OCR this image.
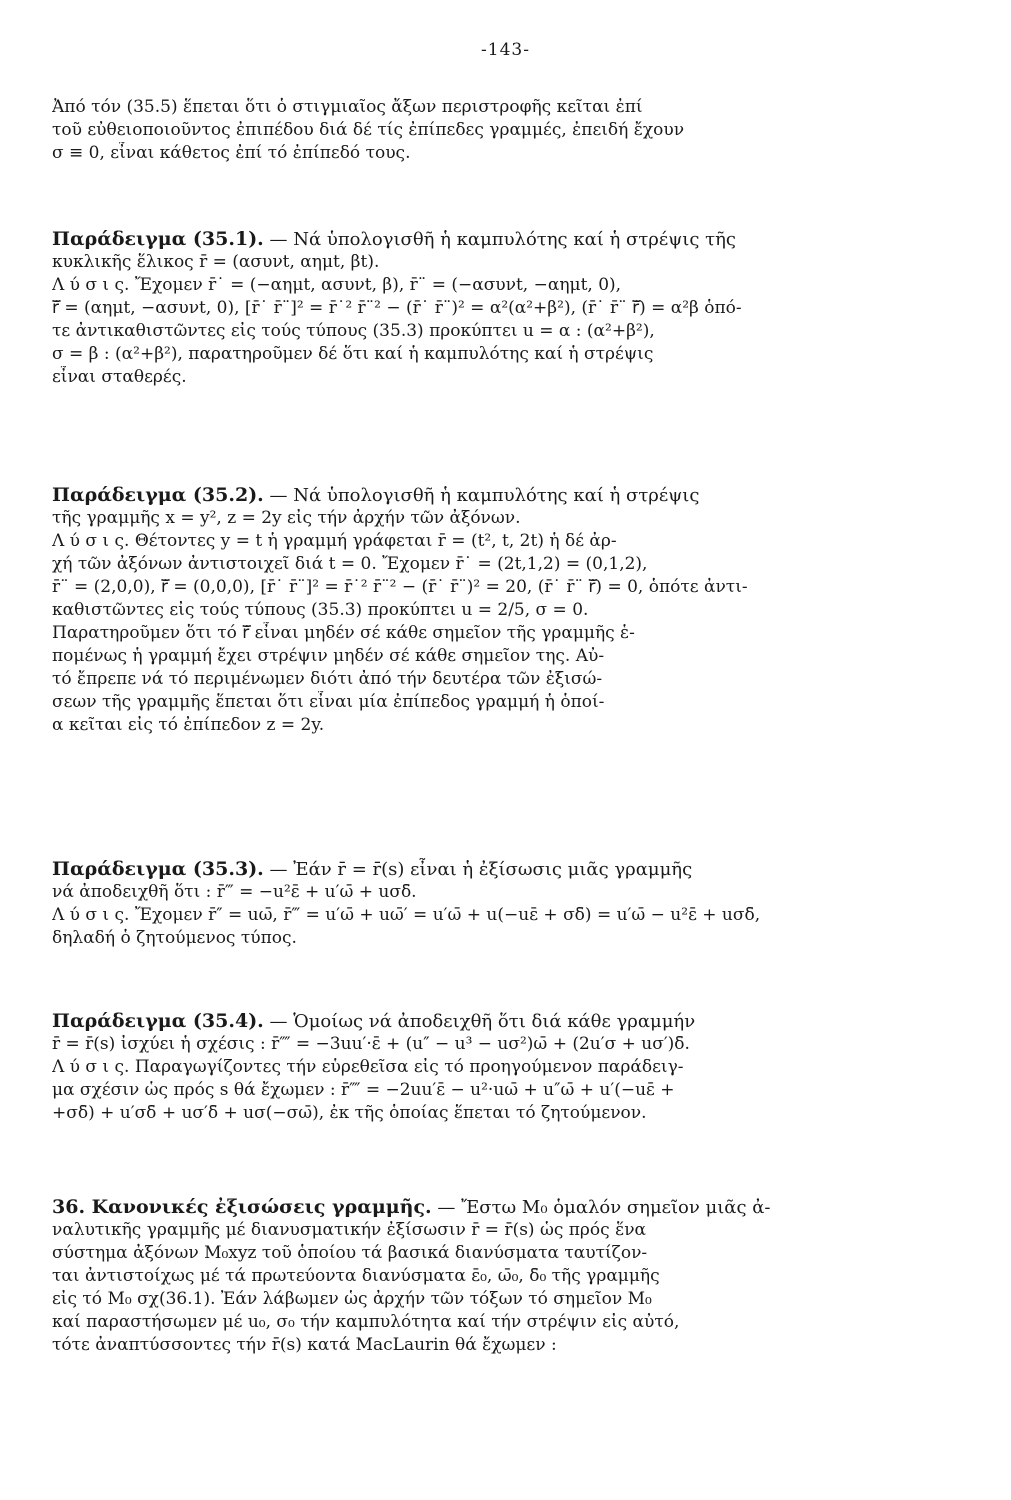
-143-
Ἀπό τόν (35.5) ἕπεται ὅτι ὁ στιγμιαῖος ἄξων περιστροφῆς κεῖται ἐπί
τοῦ εὐθειοποιοῦντος ἐπιπέδου διά δέ τίς ἐπίπεδες γραμμές, ἐπειδή ἔχουν
σ ≡ 0, εἶναι κάθετος ἐπί τό ἐπίπεδό τους.
Παράδειγμα (35.1). — Νά ὑπολογισθῆ ἡ καμπυλότης καί ἡ στρέψις τῆς
κυκλικῆς ἕλικος r̄ = (ασυνt, αημt, βt).
Λ ύ σ ι ς. Ἔχομεν r̄˙ = (−αημt, ασυνt, β), r̄¨ = (−ασυνt, −αημt, 0),
r̄⃛ = (αημt, −ασυνt, 0), [r̄˙ r̄¨]² = r̄˙² r̄¨² − (r̄˙ r̄¨)² = α²(α²+β²), (r̄˙ r̄¨ r̄⃛) = α²β ὁπό-
τε ἀντικαθιστῶντες εἰς τούς τύπους (35.3) προκύπτει u = α : (α²+β²),
σ = β : (α²+β²), παρατηροῦμεν δέ ὅτι καί ἡ καμπυλότης καί ἡ στρέψις
εἶναι σταθερές.
Παράδειγμα (35.2). — Νά ὑπολογισθῆ ἡ καμπυλότης καί ἡ στρέψις
τῆς γραμμῆς x = y², z = 2y εἰς τήν ἀρχήν τῶν ἀξόνων.
Λ ύ σ ι ς. Θέτοντες y = t ἡ γραμμή γράφεται r̄ = (t², t, 2t) ἡ δέ ἀρ-
χή τῶν ἀξόνων ἀντιστοιχεῖ διά t = 0. Ἔχομεν r̄˙ = (2t,1,2) = (0,1,2),
r̄¨ = (2,0,0), r̄⃛ = (0,0,0), [r̄˙ r̄¨]² = r̄˙² r̄¨² − (r̄˙ r̄¨)² = 20, (r̄˙ r̄¨ r̄⃛) = 0, ὁπότε ἀντι-
καθιστῶντες εἰς τούς τύπους (35.3) προκύπτει u = 2/5, σ = 0.
Παρατηροῦμεν ὅτι τό r̄⃛ εἶναι μηδέν σέ κάθε σημεῖον τῆς γραμμῆς ἑ-
πομένως ἡ γραμμή ἔχει στρέψιν μηδέν σέ κάθε σημεῖον της. Αὐ-
τό ἔπρεπε νά τό περιμένωμεν διότι ἀπό τήν δευτέρα τῶν ἐξισώ-
σεων τῆς γραμμῆς ἕπεται ὅτι εἶναι μία ἐπίπεδος γραμμή ἡ ὁποί-
α κεῖται εἰς τό ἐπίπεδον z = 2y.
Παράδειγμα (35.3). — Ἐάν r̄ = r̄(s) εἶναι ἡ ἐξίσωσις μιᾶς γραμμῆς
νά ἀποδειχθῆ ὅτι : r̄‴ = −u²ε̄ + u′ω̄ + uσδ̄.
Λ ύ σ ι ς. Ἔχομεν r̄″ = uω̄, r̄‴ = u′ω̄ + uω̄′ = u′ω̄ + u(−uε̄ + σδ̄) = u′ω̄ − u²ε̄ + uσδ̄,
δηλαδή ὁ ζητούμενος τύπος.
Παράδειγμα (35.4). — Ὁμοίως νά ἀποδειχθῆ ὅτι διά κάθε γραμμήν
r̄ = r̄(s) ἰσχύει ἡ σχέσις : r̄⁗ = −3uu′·ε̄ + (u″ − u³ − uσ²)ω̄ + (2u′σ + uσ′)δ̄.
Λ ύ σ ι ς. Παραγωγίζοντες τήν εὑρεθεῖσα εἰς τό προηγούμενον παράδειγ-
μα σχέσιν ὡς πρός s θά ἔχωμεν : r̄⁗ = −2uu′ε̄ − u²·uω̄ + u″ω̄ + u′(−uε̄ +
+σδ̄) + u′σδ̄ + uσ′δ̄ + uσ(−σω̄), ἐκ τῆς ὁποίας ἕπεται τό ζητούμενον.
36. Κανονικές ἐξισώσεις γραμμῆς. — Ἔστω M₀ ὁμαλόν σημεῖον μιᾶς ἀ-
ναλυτικῆς γραμμῆς μέ διανυσματικήν ἐξίσωσιν r̄ = r̄(s) ὡς πρός ἕνα
σύστημα ἀξόνων M₀xyz τοῦ ὁποίου τά βασικά διανύσματα ταυτίζον-
ται ἀντιστοίχως μέ τά πρωτεύοντα διανύσματα ε̄₀, ω̄₀, δ̄₀ τῆς γραμμῆς
εἰς τό M₀ σχ(36.1). Ἐάν λάβωμεν ὡς ἀρχήν τῶν τόξων τό σημεῖον M₀
καί παραστήσωμεν μέ u₀, σ₀ τήν καμπυλότητα καί τήν στρέψιν εἰς αὐτό,
τότε ἀναπτύσσοντες τήν r̄(s) κατά MacLaurin θά ἔχωμεν :
